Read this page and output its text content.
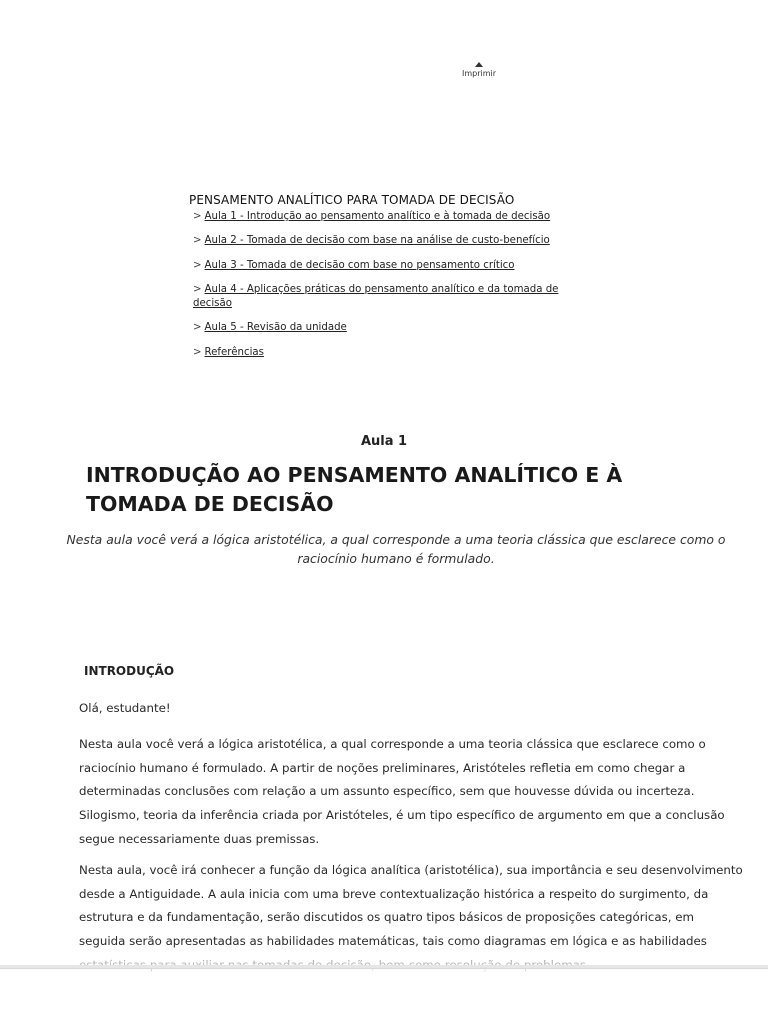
Imprimir
PENSAMENTO ANALÍTICO PARA TOMADA DE DECISÃO
> Aula 1 - Introdução ao pensamento analítico e à tomada de decisão
> Aula 2 - Tomada de decisão com base na análise de custo-benefício
> Aula 3 - Tomada de decisão com base no pensamento crítico
> Aula 4 - Aplicações práticas do pensamento analítico e da tomada de decisão
> Aula 5 - Revisão da unidade
> Referências
Aula 1
INTRODUÇÃO AO PENSAMENTO ANALÍTICO E À TOMADA DE DECISÃO

Nesta aula você verá a lógica aristotélica, a qual corresponde a uma teoria clássica que esclarece como o raciocínio humano é formulado.

INTRODUÇÃO

Olá, estudante!

Nesta aula você verá a lógica aristotélica, a qual corresponde a uma teoria clássica que esclarece como o
raciocínio humano é formulado. A partir de noções preliminares, Aristóteles refletia em como chegar a
determinadas conclusões com relação a um assunto específico, sem que houvesse dúvida ou incerteza.
Silogismo, teoria da inferência criada por Aristóteles, é um tipo específico de argumento em que a conclusão
segue necessariamente duas premissas.

Nesta aula, você irá conhecer a função da lógica analítica (aristotélica), sua importância e seu desenvolvimento
desde a Antiguidade. A aula inicia com uma breve contextualização histórica a respeito do surgimento, da
estrutura e da fundamentação, serão discutidos os quatro tipos básicos de proposições categóricas, em
seguida serão apresentadas as habilidades matemáticas, tais como diagramas em lógica e as habilidades
